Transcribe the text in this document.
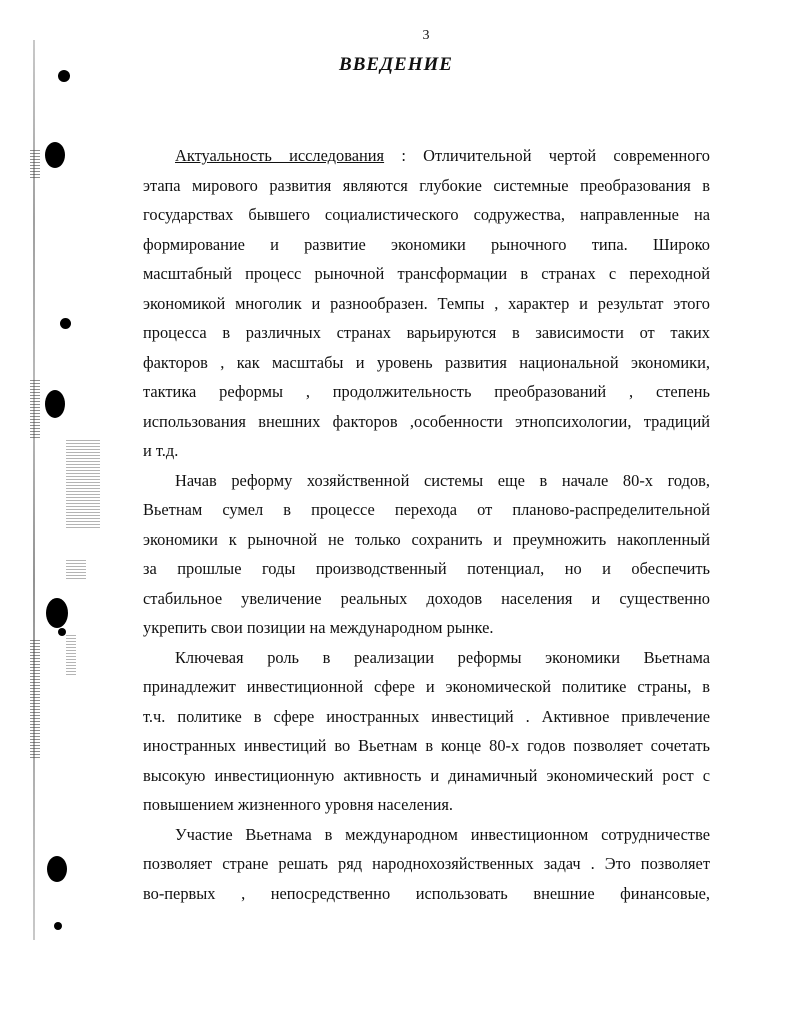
3
ВВЕДЕНИЕ
Актуальность исследования : Отличительной чертой современного
этапа мирового развития являются глубокие системные преобразования в
государствах бывшего социалистического содружества, направленные на
формирование и развитие экономики рыночного типа. Широко
масштабный процесс рыночной трансформации в странах с переходной
экономикой многолик и разнообразен. Темпы , характер и результат этого
процесса в различных странах варьируются в зависимости от таких
факторов , как масштабы и уровень развития национальной экономики,
тактика реформы , продолжительность преобразований , степень
использования внешних факторов ,особенности этнопсихологии, традиций
и т.д.
Начав реформу хозяйственной системы еще в начале 80-х годов,
Вьетнам сумел в процессе перехода от планово-распределительной
экономики к рыночной не только сохранить и преумножить накопленный
за прошлые годы производственный потенциал, но и обеспечить
стабильное увеличение реальных доходов населения и существенно
укрепить свои позиции на международном рынке.
Ключевая роль в реализации реформы экономики Вьетнама
принадлежит инвестиционной сфере и экономической политике страны, в
т.ч. политике в сфере иностранных инвестиций . Активное привлечение
иностранных инвестиций во Вьетнам в конце 80-х годов позволяет сочетать
высокую инвестиционную активность и динамичный экономический рост с
повышением жизненного уровня населения.
Участие Вьетнама в международном инвестиционном сотрудничестве
позволяет стране решать ряд народнохозяйственных задач . Это позволяет
во-первых , непосредственно использовать внешние финансовые,
